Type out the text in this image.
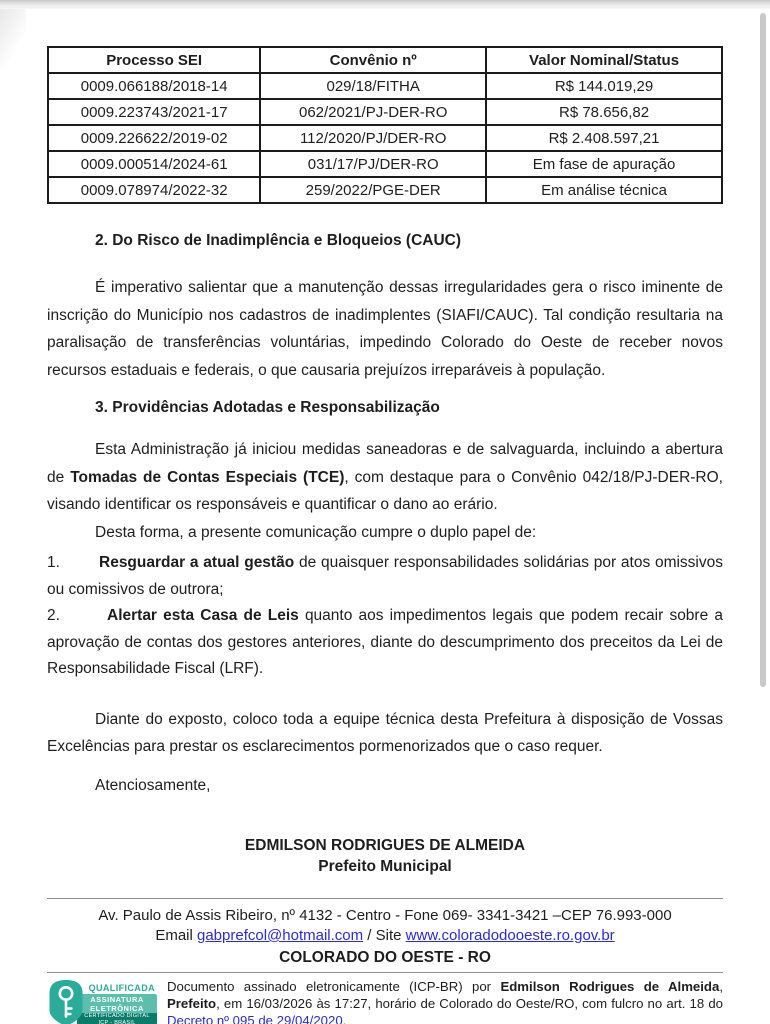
Processo SEI	Convênio nº	Valor Nominal/Status
0009.066188/2018-14	029/18/FITHA	R$ 144.019,29
0009.223743/2021-17	062/2021/PJ-DER-RO	R$ 78.656,82
0009.226622/2019-02	112/2020/PJ/DER-RO	R$ 2.408.597,21
0009.000514/2024-61	031/17/PJ/DER-RO	Em fase de apuração
0009.078974/2022-32	259/2022/PGE-DER	Em análise técnica
2. Do Risco de Inadimplência e Bloqueios (CAUC)

É imperativo salientar que a manutenção dessas irregularidades gera o risco iminente de inscrição do Município nos cadastros de inadimplentes (SIAFI/CAUC). Tal condição resultaria na paralisação de transferências voluntárias, impedindo Colorado do Oeste de receber novos recursos estaduais e federais, o que causaria prejuízos irreparáveis à população.

3. Providências Adotadas e Responsabilização

Esta Administração já iniciou medidas saneadoras e de salvaguarda, incluindo a abertura de Tomadas de Contas Especiais (TCE), com destaque para o Convênio 042/18/PJ-DER-RO, visando identificar os responsáveis e quantificar o dano ao erário.

Desta forma, a presente comunicação cumpre o duplo papel de:

1.	Resguardar a atual gestão de quaisquer responsabilidades solidárias por atos omissivos ou comissivos de outrora;

2.	Alertar esta Casa de Leis quanto aos impedimentos legais que podem recair sobre a aprovação de contas dos gestores anteriores, diante do descumprimento dos preceitos da Lei de Responsabilidade Fiscal (LRF).

Diante do exposto, coloco toda a equipe técnica desta Prefeitura à disposição de Vossas Excelências para prestar os esclarecimentos pormenorizados que o caso requer.

Atenciosamente,

EDMILSON RODRIGUES DE ALMEIDA
Prefeito Municipal
Av. Paulo de Assis Ribeiro, nº 4132 - Centro - Fone 069- 3341-3421 –CEP 76.993-000
Email gabprefcol@hotmail.com / Site www.coloradodooeste.ro.gov.br
COLORADO DO OESTE - RO
QUALIFICADA
ASSINATURA
ELETRÔNICA
CERTIFICADO DIGITAL
ICP - BRASIL
Documento assinado eletronicamente (ICP-BR) por Edmilson Rodrigues de Almeida, Prefeito, em 16/03/2026 às 17:27, horário de Colorado do Oeste/RO, com fulcro no art. 18 do Decreto nº 095 de 29/04/2020.
